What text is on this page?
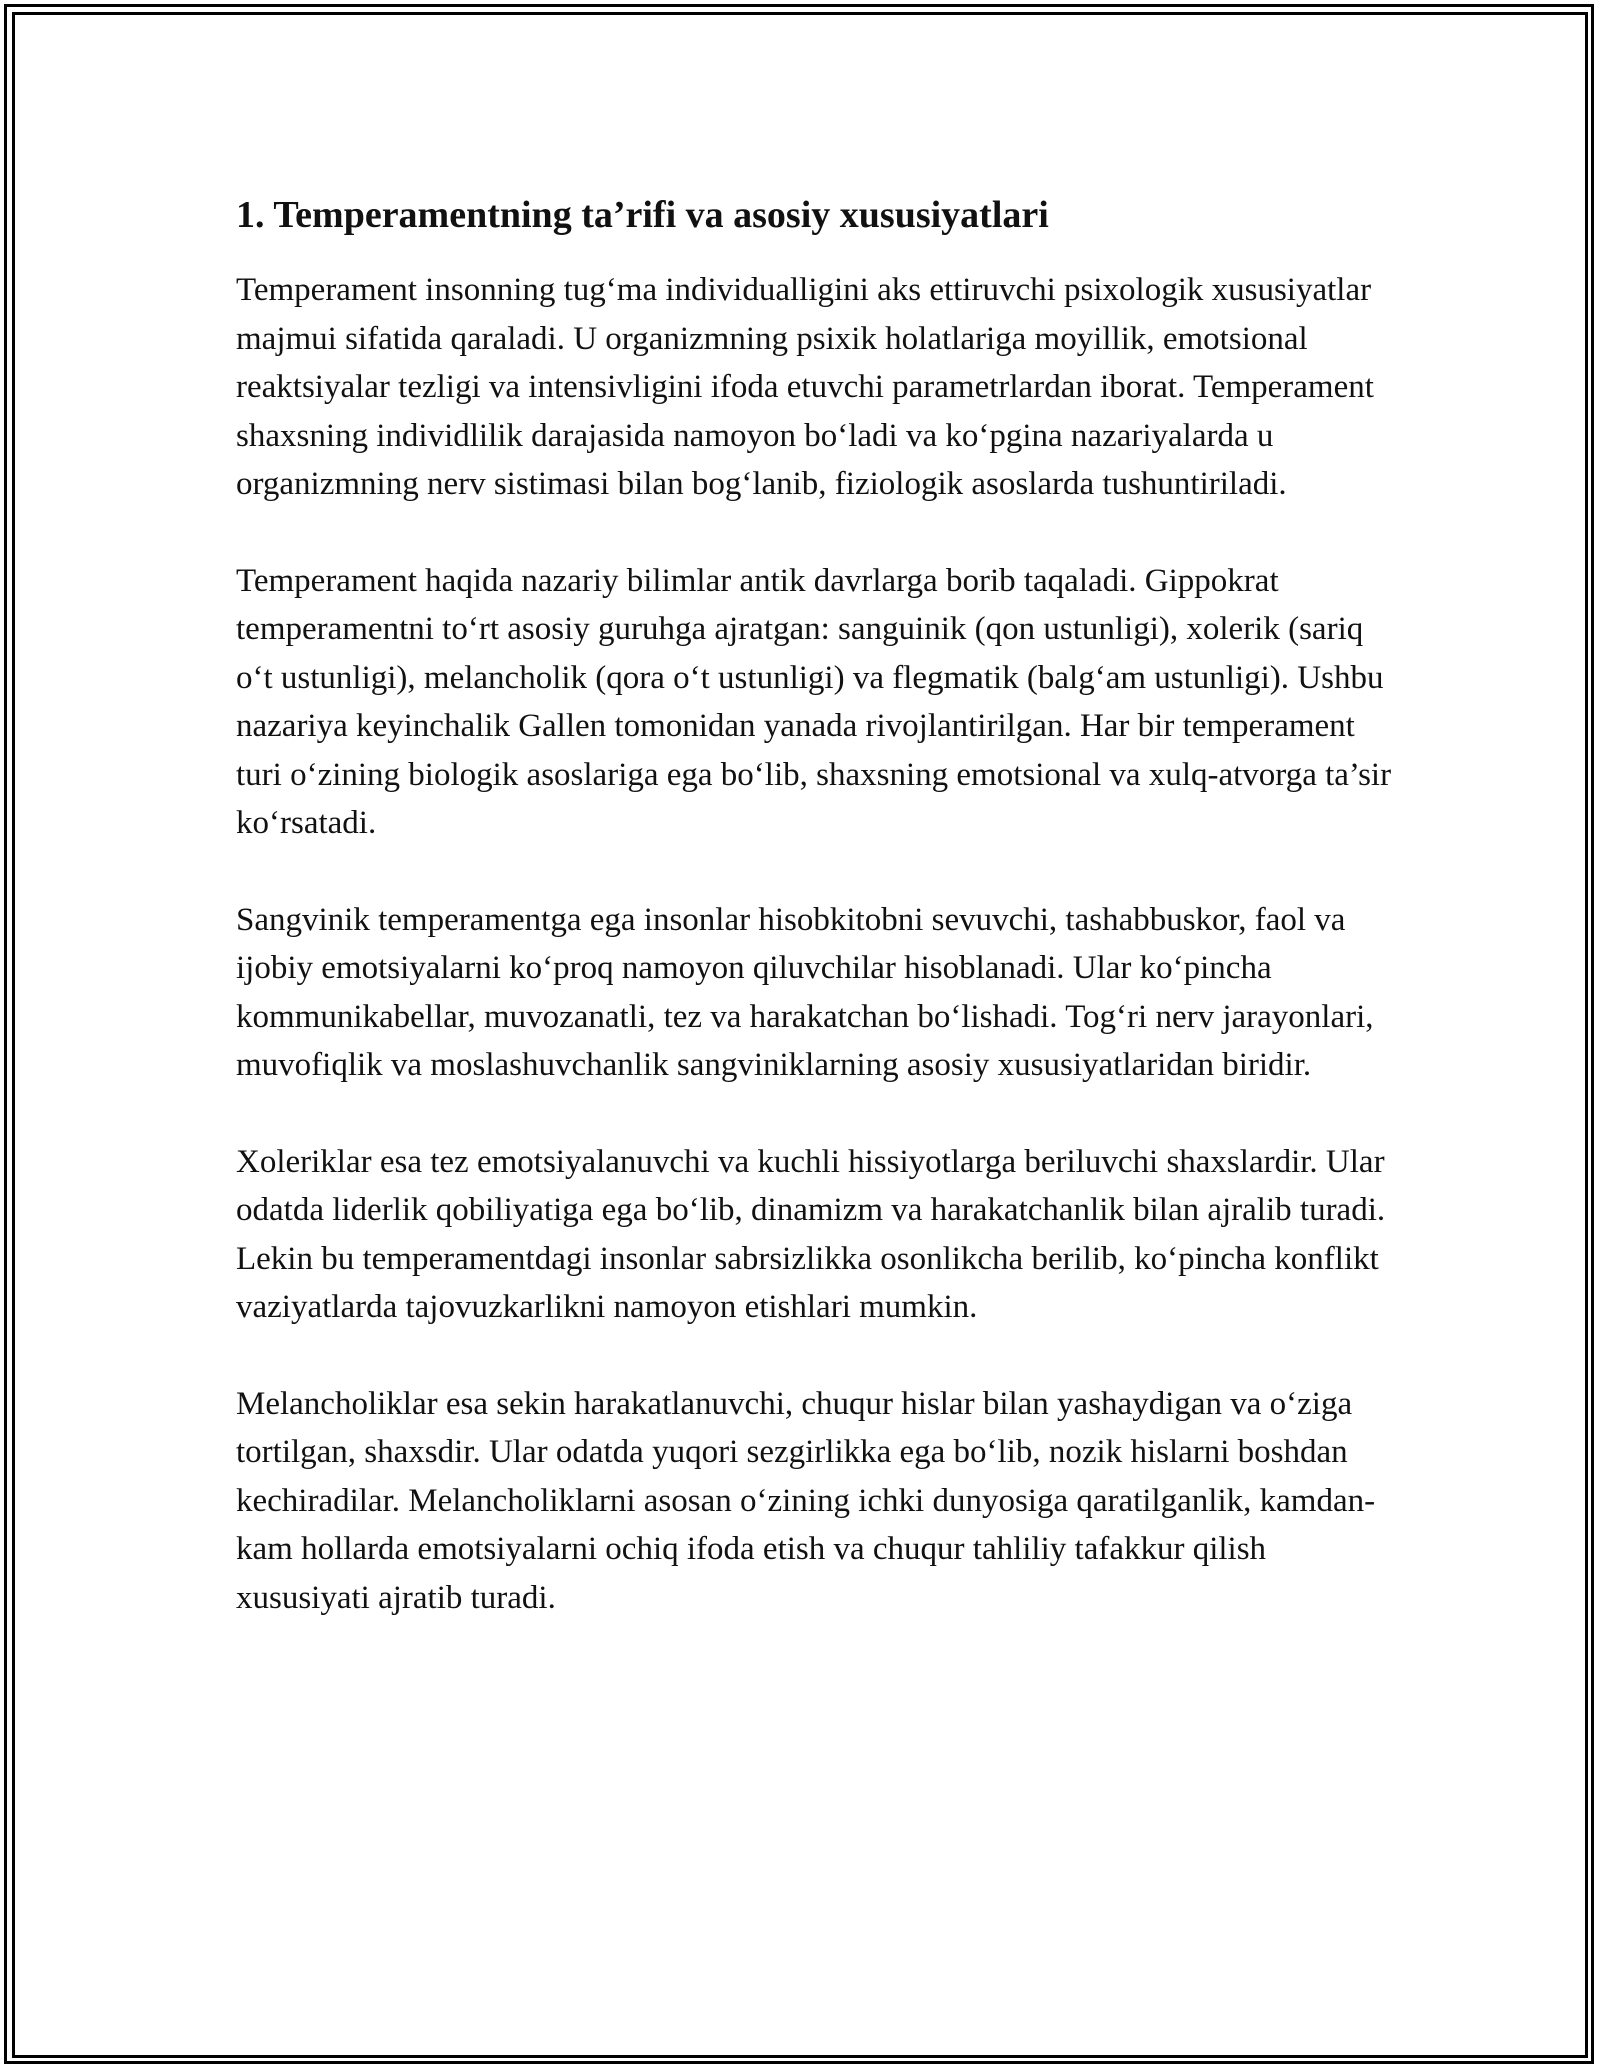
1. Temperamentning ta’rifi va asosiy xususiyatlari

Temperament insonning tug‘ma individualligini aks ettiruvchi psixologik xususiyatlar majmui sifatida qaraladi. U organizmning psixik holatlariga moyillik, emotsional reaktsiyalar tezligi va intensivligini ifoda etuvchi parametrlardan iborat. Temperament shaxsning individlilik darajasida namoyon bo‘ladi va ko‘pgina nazariyalarda u organizmning nerv sistimasi bilan bog‘lanib, fiziologik asoslarda tushuntiriladi.

Temperament haqida nazariy bilimlar antik davrlarga borib taqaladi. Gippokrat temperamentni to‘rt asosiy guruhga ajratgan: sanguinik (qon ustunligi), xolerik (sariq o‘t ustunligi), melancholik (qora o‘t ustunligi) va flegmatik (balg‘am ustunligi). Ushbu nazariya keyinchalik Gallen tomonidan yanada rivojlantirilgan. Har bir temperament turi o‘zining biologik asoslariga ega bo‘lib, shaxsning emotsional va xulq-atvorga ta’sir ko‘rsatadi.

Sangvinik temperamentga ega insonlar hisobkitobni sevuvchi, tashabbuskor, faol va ijobiy emotsiyalarni ko‘proq namoyon qiluvchilar hisoblanadi. Ular ko‘pincha kommunikabellar, muvozanatli, tez va harakatchan bo‘lishadi. Tog‘ri nerv jarayonlari, muvofiqlik va moslashuvchanlik sangviniklarning asosiy xususiyatlaridan biridir.

Xoleriklar esa tez emotsiyalanuvchi va kuchli hissiyotlarga beriluvchi shaxslardir. Ular odatda liderlik qobiliyatiga ega bo‘lib, dinamizm va harakatchanlik bilan ajralib turadi. Lekin bu temperamentdagi insonlar sabrsizlikka osonlikcha berilib, ko‘pincha konflikt vaziyatlarda tajovuzkarlikni namoyon etishlari mumkin.

Melancholiklar esa sekin harakatlanuvchi, chuqur hislar bilan yashaydigan va o‘ziga tortilgan, shaxsdir. Ular odatda yuqori sezgirlikka ega bo‘lib, nozik hislarni boshdan kechiradilar. Melancholiklarni asosan o‘zining ichki dunyosiga qaratilganlik, kamdan-kam hollarda emotsiyalarni ochiq ifoda etish va chuqur tahliliy tafakkur qilish xususiyati ajratib turadi.
